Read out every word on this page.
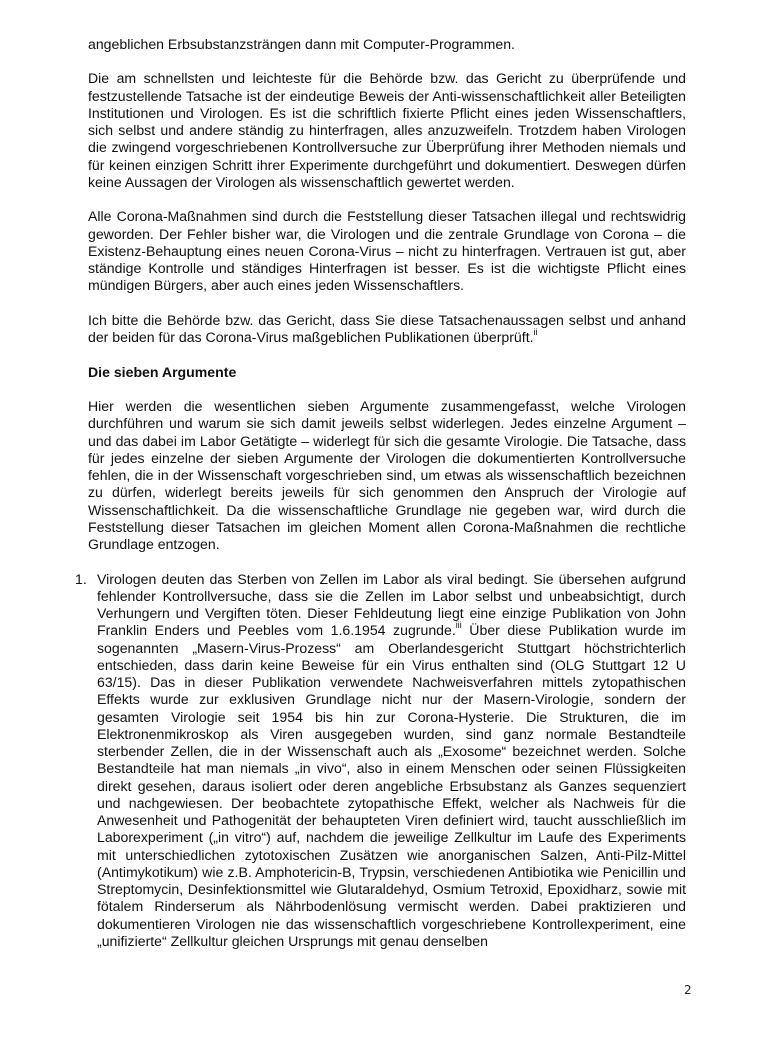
angeblichen Erbsubstanzsträngen dann mit Computer-Programmen.

Die am schnellsten und leichteste für die Behörde bzw. das Gericht zu überprüfende und festzustellende Tatsache ist der eindeutige Beweis der Anti-wissenschaftlichkeit aller Beteiligten Institutionen und Virologen. Es ist die schriftlich fixierte Pflicht eines jeden Wissenschaftlers, sich selbst und andere ständig zu hinterfragen, alles anzuzweifeln. Trotzdem haben Virologen die zwingend vorgeschriebenen Kontrollversuche zur Überprüfung ihrer Methoden niemals und für keinen einzigen Schritt ihrer Experimente durchgeführt und dokumentiert. Deswegen dürfen keine Aussagen der Virologen als wissenschaftlich gewertet werden.

Alle Corona-Maßnahmen sind durch die Feststellung dieser Tatsachen illegal und rechtswidrig geworden. Der Fehler bisher war, die Virologen und die zentrale Grundlage von Corona – die Existenz-Behauptung eines neuen Corona-Virus – nicht zu hinterfragen. Vertrauen ist gut, aber ständige Kontrolle und ständiges Hinterfragen ist besser. Es ist die wichtigste Pflicht eines mündigen Bürgers, aber auch eines jeden Wissenschaftlers.

Ich bitte die Behörde bzw. das Gericht, dass Sie diese Tatsachenaussagen selbst und anhand der beiden für das Corona-Virus maßgeblichen Publikationen überprüft.$^{ii}$

Die sieben Argumente

Hier werden die wesentlichen sieben Argumente zusammengefasst, welche Virologen durchführen und warum sie sich damit jeweils selbst widerlegen. Jedes einzelne Argument – und das dabei im Labor Getätigte – widerlegt für sich die gesamte Virologie. Die Tatsache, dass für jedes einzelne der sieben Argumente der Virologen die dokumentierten Kontrollversuche fehlen, die in der Wissenschaft vorgeschrieben sind, um etwas als wissenschaftlich bezeichnen zu dürfen, widerlegt bereits jeweils für sich genommen den Anspruch der Virologie auf Wissenschaftlichkeit. Da die wissenschaftliche Grundlage nie gegeben war, wird durch die Feststellung dieser Tatsachen im gleichen Moment allen Corona-Maßnahmen die rechtliche Grundlage entzogen.

1. Virologen deuten das Sterben von Zellen im Labor als viral bedingt. Sie übersehen aufgrund fehlender Kontrollversuche, dass sie die Zellen im Labor selbst und unbeabsichtigt, durch Verhungern und Vergiften töten. Dieser Fehldeutung liegt eine einzige Publikation von John Franklin Enders und Peebles vom 1.6.1954 zugrunde.$^{iii}$ Über diese Publikation wurde im sogenannten „Masern-Virus-Prozess“ am Oberlandesgericht Stuttgart höchstrichterlich entschieden, dass darin keine Beweise für ein Virus enthalten sind (OLG Stuttgart 12 U 63/15). Das in dieser Publikation verwendete Nachweisverfahren mittels zytopathischen Effekts wurde zur exklusiven Grundlage nicht nur der Masern-Virologie, sondern der gesamten Virologie seit 1954 bis hin zur Corona-Hysterie. Die Strukturen, die im Elektronenmikroskop als Viren ausgegeben wurden, sind ganz normale Bestandteile sterbender Zellen, die in der Wissenschaft auch als „Exosome“ bezeichnet werden. Solche Bestandteile hat man niemals „in vivo“, also in einem Menschen oder seinen Flüssigkeiten direkt gesehen, daraus isoliert oder deren angebliche Erbsubstanz als Ganzes sequenziert und nachgewiesen. Der beobachtete zytopathische Effekt, welcher als Nachweis für die Anwesenheit und Pathogenität der behaupteten Viren definiert wird, taucht ausschließlich im Laborexperiment („in vitro“) auf, nachdem die jeweilige Zellkultur im Laufe des Experiments mit unterschiedlichen zytotoxischen Zusätzen wie anorganischen Salzen, Anti-Pilz-Mittel (Antimykotikum) wie z.B. Amphotericin-B, Trypsin, verschiedenen Antibiotika wie Penicillin und Streptomycin, Desinfektionsmittel wie Glutaraldehyd, Osmium Tetroxid, Epoxidharz, sowie mit fötalem Rinderserum als Nährbodenlösung vermischt werden. Dabei praktizieren und dokumentieren Virologen nie das wissenschaftlich vorgeschriebene Kontrollexperiment, eine „unifizierte“ Zellkultur gleichen Ursprungs mit genau denselben
2
